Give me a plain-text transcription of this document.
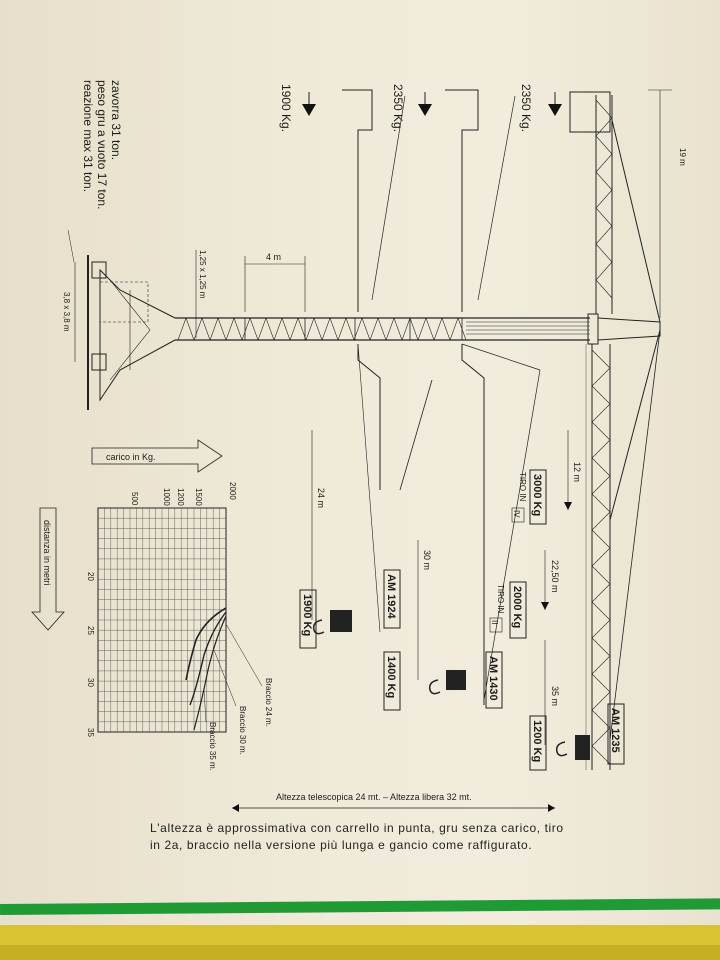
2350 Kg.
2350 Kg.
1900 Kg.
19 m
3,8 x 3,8 m
4 m
1,25 x 1,25 m
zavorra 31 ton.
peso gru a vuoto 17 ton.
reazione max 31 ton.
12 m
3000 Kg
TIRO IN
IV
22,50 m
2000 Kg
TIRO IN
II
35 m
1200 Kg	AM 1235
30 m
1400 Kg	AM 1430
24 m
1900 Kg	AM 1924
Altezza telescopica 24 mt. – Altezza libera 32 mt.
2000
1500
1200
1000
500
20
25
30
35
carico in Kg.
distanza in metri
Braccio 24 m.
Braccio 30 m.
Braccio 35 m.
L'altezza è approssimativa con carrello in punta, gru senza carico, tiro in 2a, braccio nella versione più lunga e gancio come raffigurato.
